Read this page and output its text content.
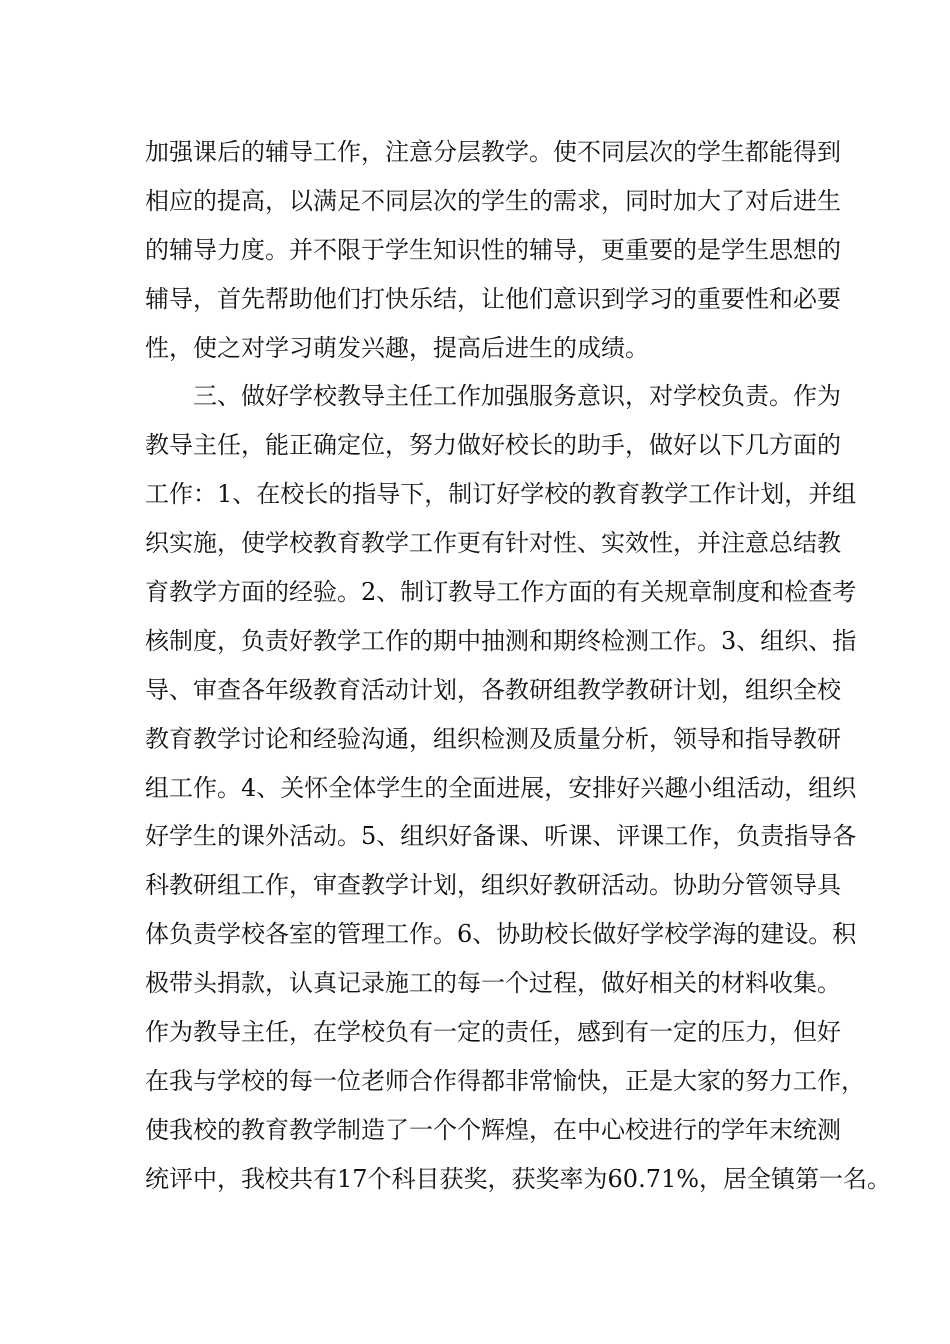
加强课后的辅导工作，注意分层教学。使不同层次的学生都能得到
相应的提高，以满足不同层次的学生的需求，同时加大了对后进生
的辅导力度。并不限于学生知识性的辅导，更重要的是学生思想的
辅导，首先帮助他们打快乐结，让他们意识到学习的重要性和必要
性，使之对学习萌发兴趣，提高后进生的成绩。
三、做好学校教导主任工作加强服务意识，对学校负责。作为
教导主任，能正确定位，努力做好校长的助手，做好以下几方面的
工作：1、在校长的指导下，制订好学校的教育教学工作计划，并组
织实施，使学校教育教学工作更有针对性、实效性，并注意总结教
育教学方面的经验。2、制订教导工作方面的有关规章制度和检查考
核制度，负责好教学工作的期中抽测和期终检测工作。3、组织、指
导、审查各年级教育活动计划，各教研组教学教研计划，组织全校
教育教学讨论和经验沟通，组织检测及质量分析，领导和指导教研
组工作。4、关怀全体学生的全面进展，安排好兴趣小组活动，组织
好学生的课外活动。5、组织好备课、听课、评课工作，负责指导各
科教研组工作，审查教学计划，组织好教研活动。协助分管领导具
体负责学校各室的管理工作。6、协助校长做好学校学海的建设。积
极带头捐款，认真记录施工的每一个过程，做好相关的材料收集。
作为教导主任，在学校负有一定的责任，感到有一定的压力，但好
在我与学校的每一位老师合作得都非常愉快，正是大家的努力工作，
使我校的教育教学制造了一个个辉煌，在中心校进行的学年末统测
统评中，我校共有17个科目获奖，获奖率为60.71%，居全镇第一名。
